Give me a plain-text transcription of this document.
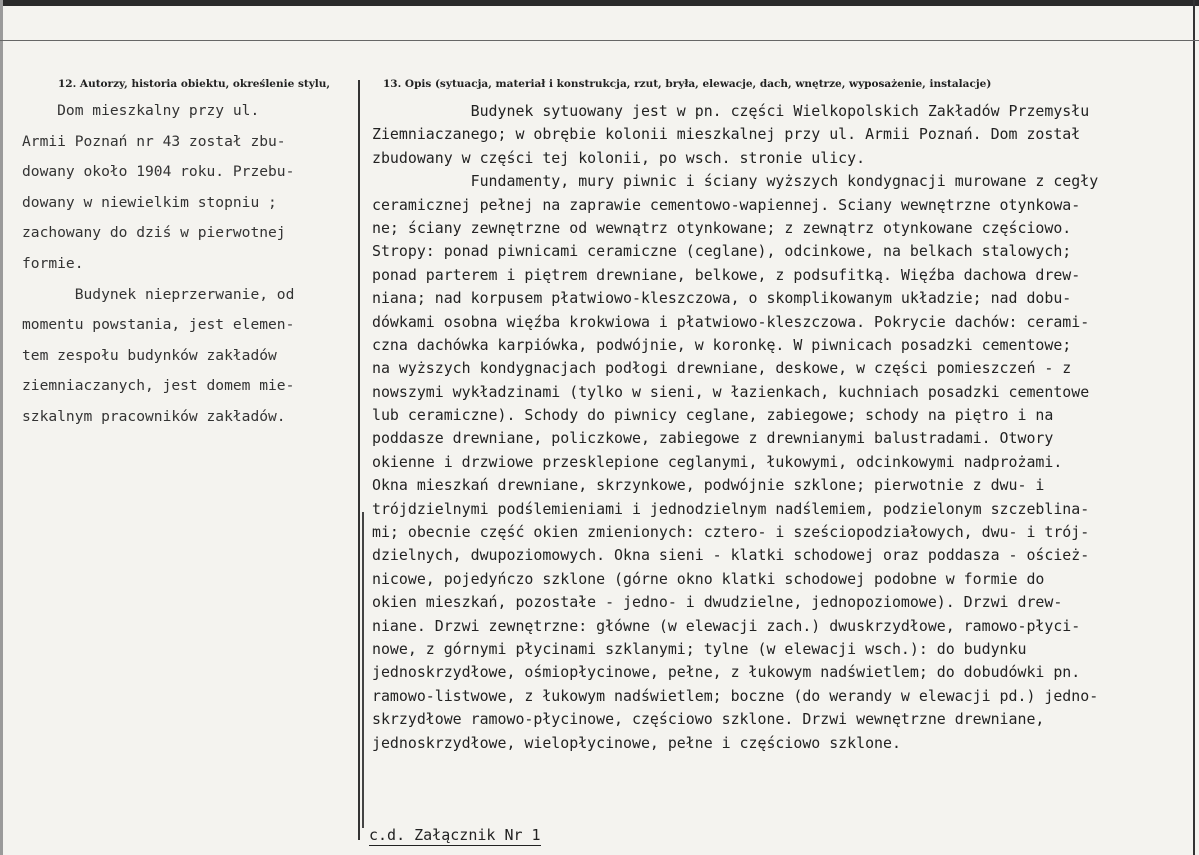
12. Autorzy, historia obiektu, określenie stylu,	13. Opis (sytuacja, materiał i konstrukcja, rzut, bryła, elewacje, dach, wnętrze, wyposażenie, instalacje)
Dom mieszkalny przy ul.
Armii Poznań nr 43 został zbu-
dowany około 1904 roku. Przebu-
dowany w niewielkim stopniu ;
zachowany do dziś w pierwotnej
formie.
Budynek nieprzerwanie, od
momentu powstania, jest elemen-
tem zespołu budynków zakładów
ziemniaczanych, jest domem mie-
szkalnym pracowników zakładów.
Budynek sytuowany jest w pn. części Wielkopolskich Zakładów Przemysłu
Ziemniaczanego; w obrębie kolonii mieszkalnej przy ul. Armii Poznań. Dom został
zbudowany w części tej kolonii, po wsch. stronie ulicy.
Fundamenty, mury piwnic i ściany wyższych kondygnacji murowane z cegły
ceramicznej pełnej na zaprawie cementowo-wapiennej. Sciany wewnętrzne otynkowa-
ne; ściany zewnętrzne od wewnątrz otynkowane; z zewnątrz otynkowane częściowo.
Stropy: ponad piwnicami ceramiczne (ceglane), odcinkowe, na belkach stalowych;
ponad parterem i piętrem drewniane, belkowe, z podsufitką. Więźba dachowa drew-
niana; nad korpusem płatwiowo-kleszczowa, o skomplikowanym układzie; nad dobu-
dówkami osobna więźba krokwiowa i płatwiowo-kleszczowa. Pokrycie dachów: cerami-
czna dachówka karpiówka, podwójnie, w koronkę. W piwnicach posadzki cementowe;
na wyższych kondygnacjach podłogi drewniane, deskowe, w części pomieszczeń - z
nowszymi wykładzinami (tylko w sieni, w łazienkach, kuchniach posadzki cementowe
lub ceramiczne). Schody do piwnicy ceglane, zabiegowe; schody na piętro i na
poddasze drewniane, policzkowe, zabiegowe z drewnianymi balustradami. Otwory
okienne i drzwiowe przesklepione ceglanymi, łukowymi, odcinkowymi nadprożami.
Okna mieszkań drewniane, skrzynkowe, podwójnie szklone; pierwotnie z dwu- i
trójdzielnymi podślemieniami i jednodzielnym nadślemiem, podzielonym szczeblina-
mi; obecnie część okien zmienionych: cztero- i sześciopodziałowych, dwu- i trój-
dzielnych, dwupoziomowych. Okna sieni - klatki schodowej oraz poddasza - oścież-
nicowe, pojedyńczo szklone (górne okno klatki schodowej podobne w formie do
okien mieszkań, pozostałe - jedno- i dwudzielne, jednopoziomowe). Drzwi drew-
niane. Drzwi zewnętrzne: główne (w elewacji zach.) dwuskrzydłowe, ramowo-płyci-
nowe, z górnymi płycinami szklanymi; tylne (w elewacji wsch.): do budynku
jednoskrzydłowe, ośmiopłycinowe, pełne, z łukowym nadświetlem; do dobudówki pn.
ramowo-listwowe, z łukowym nadświetlem; boczne (do werandy w elewacji pd.) jedno-
skrzydłowe ramowo-płycinowe, częściowo szklone. Drzwi wewnętrzne drewniane,
jednoskrzydłowe, wielopłycinowe, pełne i częściowo szklone.
c.d. Załącznik Nr 1
